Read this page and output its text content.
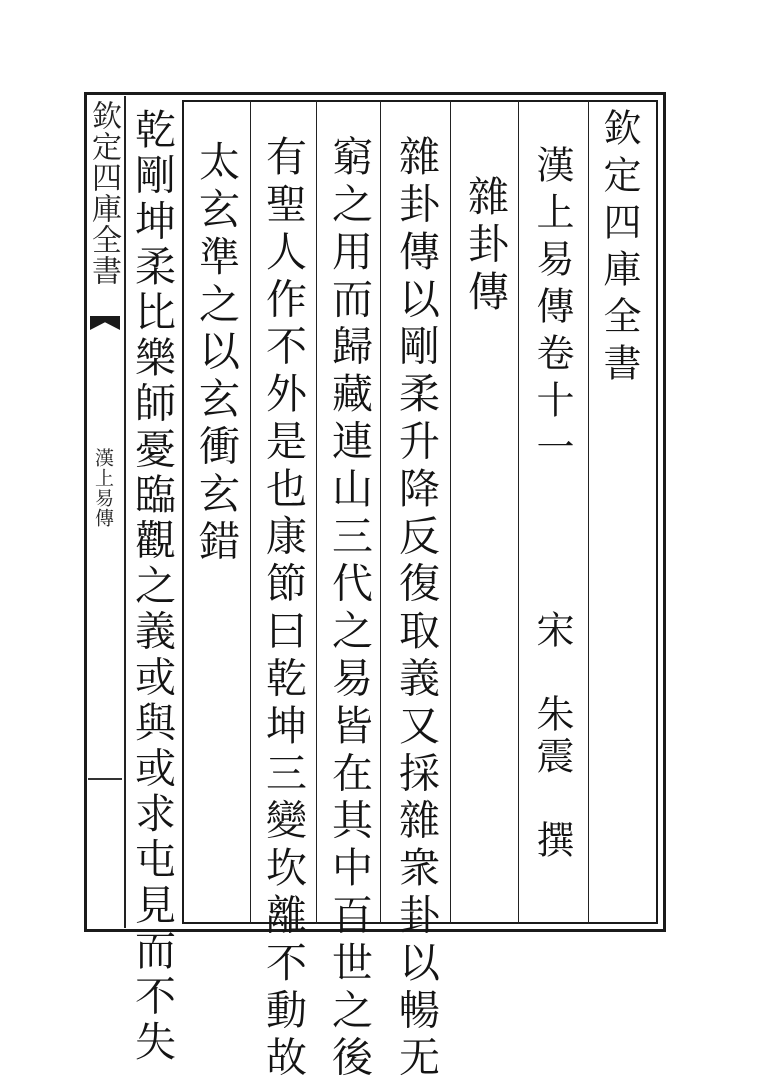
欽定四庫全書
漢上易傳
欽定四庫全書
漢上易傳卷十一
宋　朱震　撰
雜卦傳
雜卦傳以剛柔升降反復取義又採雜衆卦以暢无
窮之用而歸藏連山三代之易皆在其中百世之後
有聖人作不外是也康節曰乾坤三變坎離不動故
太玄準之以玄衝玄錯
乾剛坤柔比樂師憂臨觀之義或與或求屯見而不失
